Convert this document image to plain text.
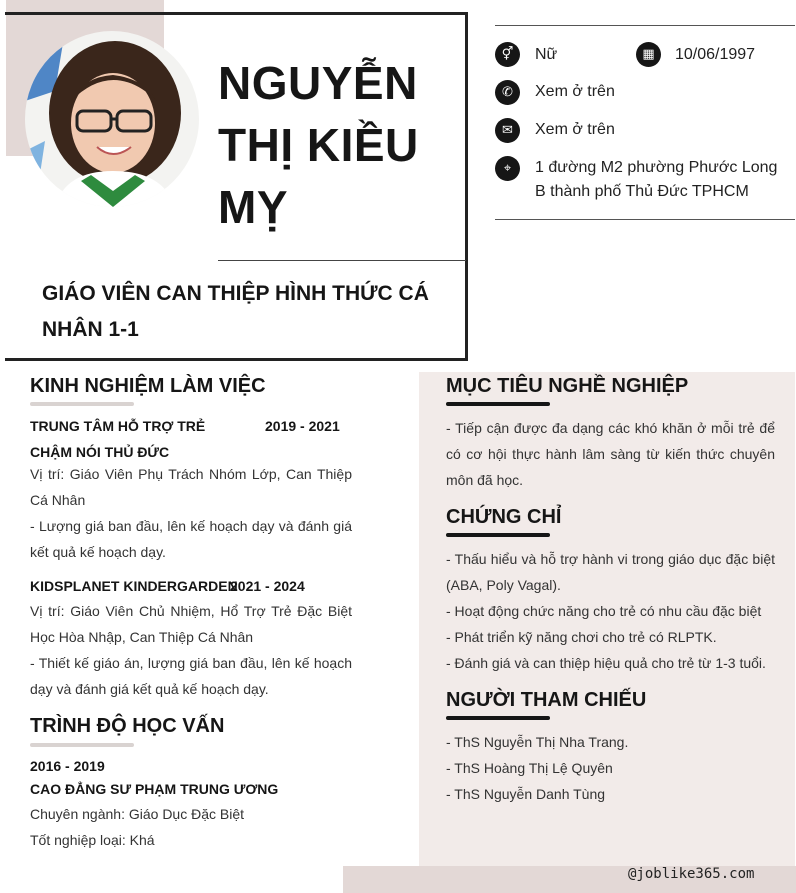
NGUYỄN THỊ KIỀU MỴ
GIÁO VIÊN CAN THIỆP HÌNH THỨC CÁ NHÂN 1-1
⚥	Nữ	▦	10/06/1997
✆	Xem ở trên
✉	Xem ở trên
⌖	1 đường M2 phường Phước Long B thành phố Thủ Đức TPHCM
KINH NGHIỆM LÀM VIỆC
TRUNG TÂM HỖ TRỢ TRẺ CHẬM NÓI THỦ ĐỨC
2019 - 2021
Vị trí: Giáo Viên Phụ Trách Nhóm Lớp, Can Thiệp Cá Nhân
- Lượng giá ban đầu, lên kế hoạch dạy và đánh giá kết quả kế hoạch dạy.
KIDSPLANET KINDERGARDEN
2021 - 2024
Vị trí: Giáo Viên Chủ Nhiệm, Hổ Trợ Trẻ Đặc Biệt Học Hòa Nhập, Can Thiệp Cá Nhân
- Thiết kế giáo án, lượng giá ban đầu, lên kế hoạch dạy và đánh giá kết quả kế hoạch dạy.
TRÌNH ĐỘ HỌC VẤN
2016 - 2019
CAO ĐẲNG SƯ PHẠM TRUNG ƯƠNG
Chuyên ngành: Giáo Dục Đặc Biệt
Tốt nghiệp loại: Khá
MỤC TIÊU NGHỀ NGHIỆP
- Tiếp cận được đa dạng các khó khăn ở mỗi trẻ để có cơ hội thực hành lâm sàng từ kiến thức chuyên môn đã học.
CHỨNG CHỈ
- Thấu hiểu và hỗ trợ hành vi trong giáo dục đặc biệt (ABA, Poly Vagal).
- Hoạt động chức năng cho trẻ có nhu cầu đặc biệt
- Phát triển kỹ năng chơi cho trẻ có RLPTK.
- Đánh giá và can thiệp hiệu quả cho trẻ từ 1-3 tuổi.
NGƯỜI THAM CHIẾU
- ThS Nguyễn Thị Nha Trang.
- ThS Hoàng Thị Lệ Quyên
- ThS Nguyễn Danh Tùng
@joblike365.com
